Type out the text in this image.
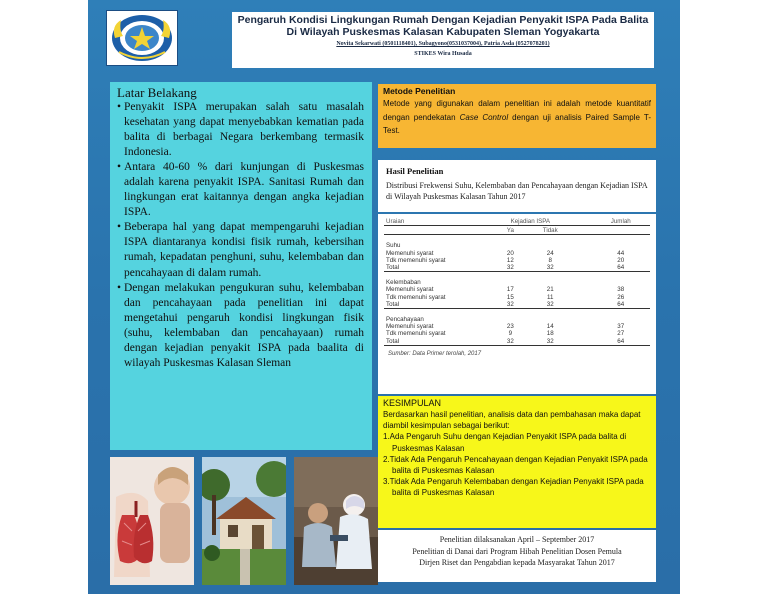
Pengaruh Kondisi Lingkungan Rumah Dengan Kejadian Penyakit ISPA Pada Balita
Di Wilayah Puskesmas Kalasan Kabupaten Sleman Yogyakarta
Novita Sekarwati (0501118401), Subagyono(0531037004), Patria Asda (0527078201)
STIKES Wira Husada
Latar Belakang
• Penyakit ISPA merupakan salah satu masalah kesehatan yang dapat menyebabkan kematian pada balita di berbagai Negara berkembang termasik Indonesia.
• Antara 40-60 % dari kunjungan di Puskesmas adalah karena penyakit ISPA. Sanitasi Rumah dan lingkungan erat kaitannya dengan angka kejadian ISPA.
• Beberapa hal yang dapat mempengaruhi kejadian ISPA diantaranya kondisi fisik rumah, kebersihan rumah, kepadatan penghuni, suhu, kelembaban dan pencahayaan di dalam rumah.
• Dengan melakukan pengukuran suhu, kelembaban dan pencahayaan pada penelitian ini dapat mengetahui pengaruh kondisi lingkungan fisik (suhu, kelembaban dan pencahayaan) rumah dengan kejadian penyakit ISPA pada baalita di wilayah Puskesmas Kalasan Sleman
Metode Penelitian
Metode yang digunakan dalam penelitian ini adalah metode kuantitatif dengan pendekatan Case Control dengan uji analisis Paired Sample T-Test.
Hasil Penelitian
Distribusi Frekwensi Suhu, Kelembaban dan Pencahayaan dengan Kejadian ISPA di Wilayah Puskesmas Kalasan Tahun 2017
Uraian	Kejadian ISPA			Jumlah

	Ya	Tidak		

Suhu				
Memenuhi syarat	20	24		44
Tdk memenuhi syarat	12	8		20
Total	32	32		64

Kelembaban				
Memenuhi syarat	17	21		38
Tdk memenuhi syarat	15	11		26
Total	32	32		64

Pencahayaan				
Memenuhi syarat	23	14		37
Tdk memenuhi syarat	9	18		27
Total	32	32		64

Sumber: Data Primer terolah, 2017
KESIMPULAN
Berdasarkan hasil penelitian, analisis data dan pembahasan maka dapat diambil kesimpulan sebagai berikut:
1.Ada Pengaruh Suhu dengan Kejadian Penyakit ISPA pada balita di Puskesmas Kalasan
2.Tidak Ada Pengaruh Pencahayaan dengan Kejadian Penyakit ISPA pada balita di Puskesmas Kalasan
3.Tidak Ada Pengaruh Kelembaban dengan Kejadian Penyakit ISPA pada balita di Puskesmas Kalasan
Penelitian dilaksanakan April – September 2017
Penelitian di Danai dari Program Hibah Penelitian Dosen Pemula
Dirjen Riset dan Pengabdian kepada Masyarakat Tahun 2017
